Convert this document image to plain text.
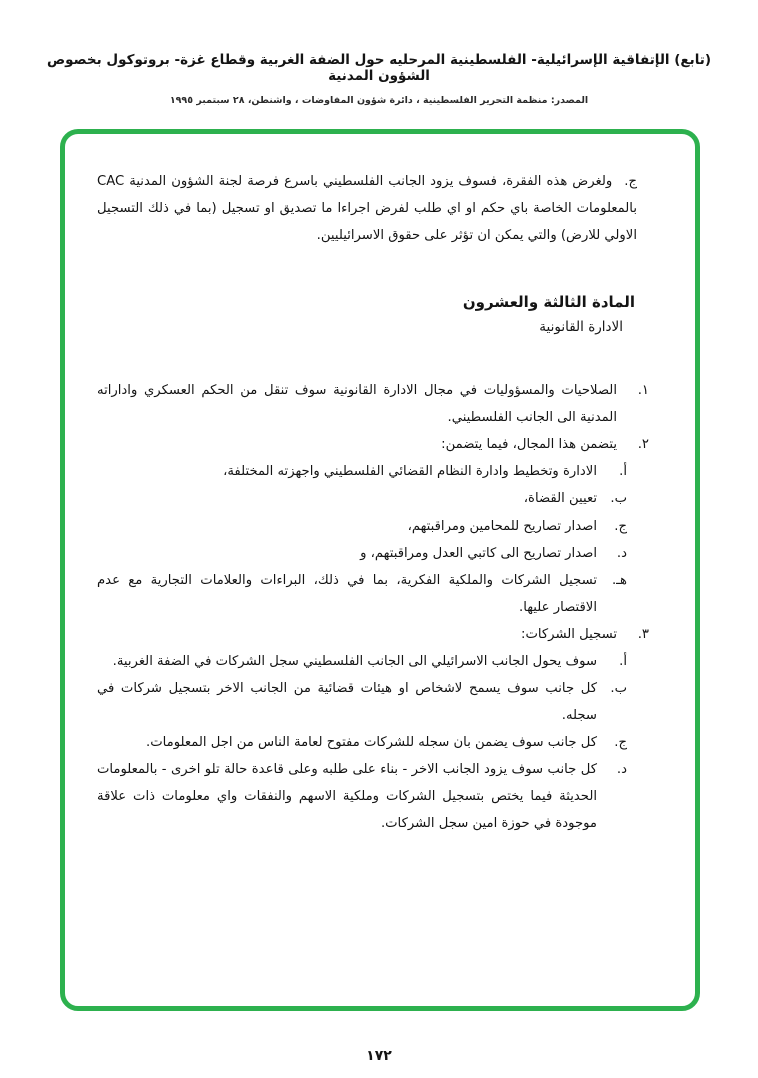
(تابع) الإتفاقية الإسرائيلية- الفلسطينية المرحليه حول الضفة الغربية وقطاع غزة- بروتوكول بخصوص الشؤون المدنية
المصدر: منظمة التحرير الفلسطينية ، دائرة شؤون المفاوضات ، واشنطن، ٢٨ سبتمبر ١٩٩٥

ج.ولغرض هذه الفقرة، فسوف يزود الجانب الفلسطيني باسرع فرصة لجنة الشؤون المدنية CAC بالمعلومات الخاصة باي حكم او اي طلب لفرض اجراءا ما تصديق او تسجيل (بما في ذلك التسجيل الاولي للارض) والتي يمكن ان تؤثر على حقوق الاسرائيليين.

المادة الثالثة والعشرون
الادارة القانونية
١.

الصلاحيات والمسؤوليات في مجال الادارة القانونية سوف تنقل من الحكم العسكري واداراته المدنية الى الجانب الفلسطيني.

٢.

يتضمن هذا المجال، فيما يتضمن:

أ.

الادارة وتخطيط وادارة النظام القضائي الفلسطيني واجهزته المختلفة،

ب.

تعيين القضاة،

ج.

اصدار تصاريح للمحامين ومراقبتهم،

د.

اصدار تصاريح الى كاتبي العدل ومراقبتهم، و

هـ.

تسجيل الشركات والملكية الفكرية، بما في ذلك، البراءات والعلامات التجارية مع عدم الاقتصار عليها.

٣.

تسجيل الشركات:

أ.

سوف يحول الجانب الاسرائيلي الى الجانب الفلسطيني سجل الشركات في الضفة الغربية.

ب.

كل جانب سوف يسمح لاشخاص او هيئات قضائية من الجانب الاخر بتسجيل شركات في سجله.

ج.

كل جانب سوف يضمن بان سجله للشركات مفتوح لعامة الناس من اجل المعلومات.

د.

كل جانب سوف يزود الجانب الاخر - بناء على طلبه وعلى قاعدة حالة تلو اخرى - بالمعلومات الحديثة فيما يختص بتسجيل الشركات وملكية الاسهم والنفقات واي معلومات ذات علاقة موجودة في حوزة امين سجل الشركات.

١٧٢
